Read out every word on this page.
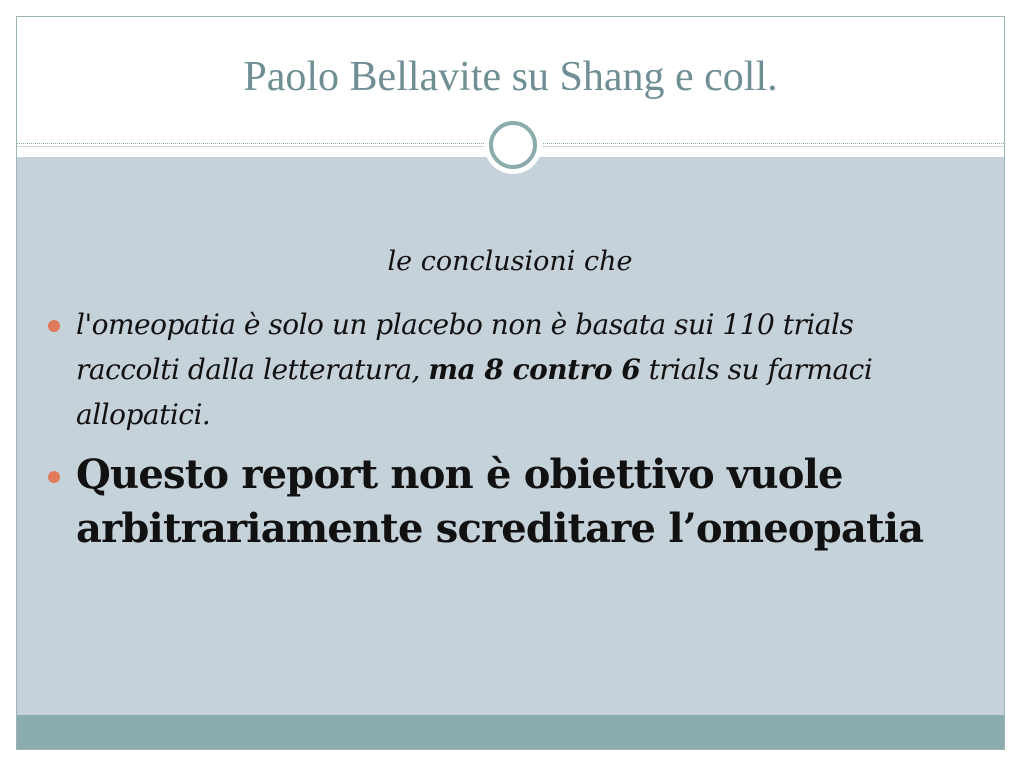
Paolo Bellavite su Shang e coll.
le conclusioni che
l'omeopatia è solo un placebo non è basata sui 110 trials raccolti dalla letteratura, ma 8 contro 6 trials su farmaci allopatici.
Questo report non è obiettivo vuole arbitrariamente screditare l’omeopatia
